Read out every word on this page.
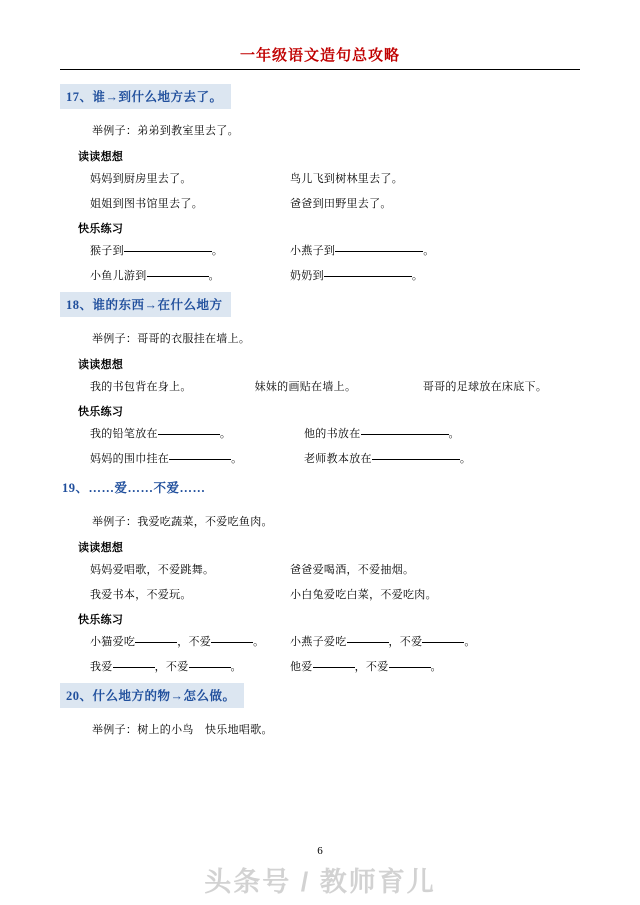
一年级语文造句总攻略
17、谁→到什么地方去了。
举例子：弟弟到教室里去了。
读读想想
妈妈到厨房里去了。	鸟儿飞到树林里去了。
姐姐到图书馆里去了。	爸爸到田野里去了。
快乐练习
猴子到	。	小燕子到	。
小鱼儿游到	。	奶奶到	。
18、谁的东西→在什么地方
举例子：哥哥的衣服挂在墙上。
读读想想
我的书包背在身上。	妹妹的画贴在墙上。	哥哥的足球放在床底下。
快乐练习
我的铅笔放在	。	他的书放在	。
妈妈的围巾挂在	。	老师教本放在	。
19、……爱……不爱……
举例子：我爱吃蔬菜，不爱吃鱼肉。
读读想想
妈妈爱唱歌，不爱跳舞。	爸爸爱喝酒，不爱抽烟。
我爱书本，不爱玩。	小白兔爱吃白菜，不爱吃肉。
快乐练习
小猫爱吃	，不爱	。	小燕子爱吃	，不爱	。
我爱	，不爱	。	他爱	，不爱	。
20、什么地方的物→怎么做。
举例子：树上的小鸟　快乐地唱歌。
6
头条号 / 教师育儿
